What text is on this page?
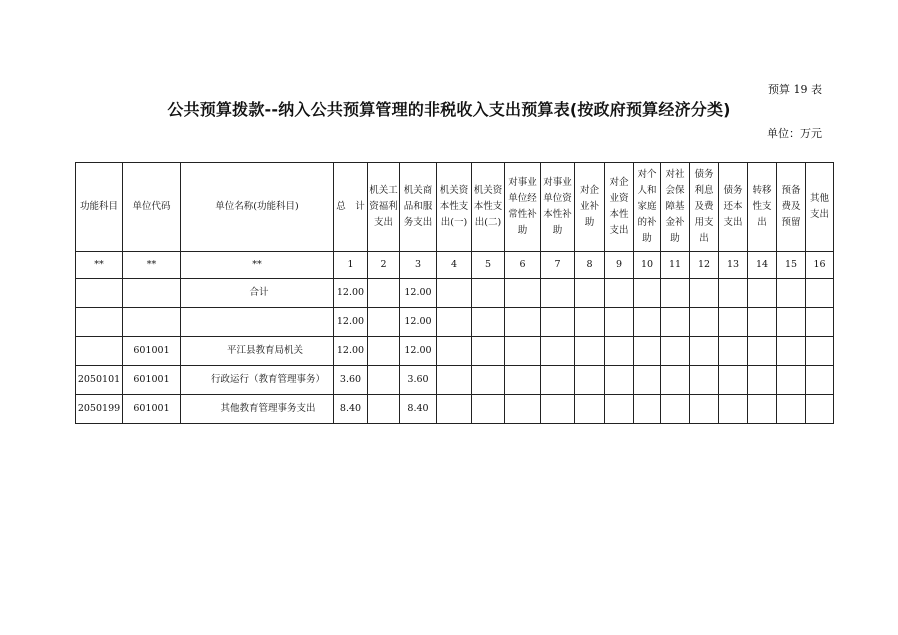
预算 19 表
公共预算拨款--纳入公共预算管理的非税收入支出预算表(按政府预算经济分类)
单位：万元
功能科目	单位代码	单位名称(功能科目)	总　计	机关工资福利支出	机关商品和服务支出	机关资本性支出(一)	机关资本性支出(二)	对事业单位经常性补助	对事业单位资本性补助	对企业补助	对企业资本性支出	对个人和家庭的补助	对社会保障基金补助	债务利息及费用支出	债务还本支出	转移性支出	预备费及预留	其他支出
**	**	**	1	2	3	4	5	6	7	8	9	10	11	12	13	14	15	16
		合计	12.00		12.00													
			12.00		12.00													
	601001	平江县教育局机关	12.00		12.00													
2050101	601001	行政运行（教育管理事务）	3.60		3.60													
2050199	601001	其他教育管理事务支出	8.40		8.40													
